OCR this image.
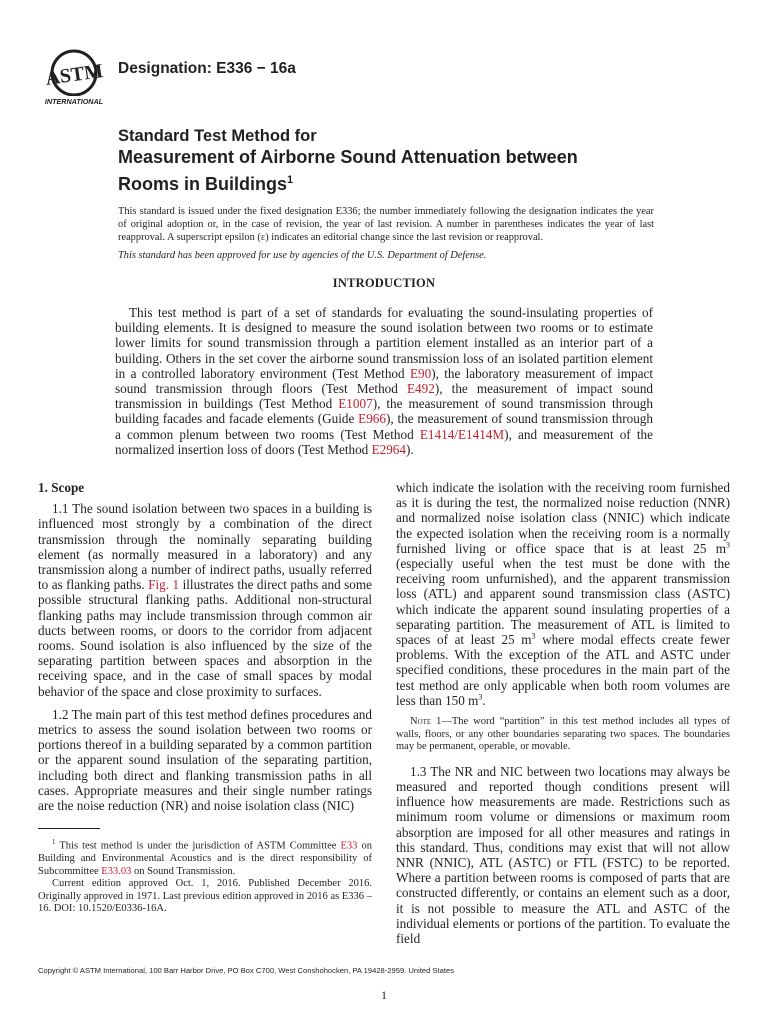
ASTM
INTERNATIONAL
Designation: E336 − 16a
Standard Test Method for
Measurement of Airborne Sound Attenuation between
Rooms in Buildings$^1$
This standard is issued under the fixed designation E336; the number immediately following the designation indicates the year of original adoption or, in the case of revision, the year of last revision. A number in parentheses indicates the year of last reapproval. A superscript epsilon (ε) indicates an editorial change since the last revision or reapproval.
This standard has been approved for use by agencies of the U.S. Department of Defense.
INTRODUCTION

This test method is part of a set of standards for evaluating the sound-insulating properties of building elements. It is designed to measure the sound isolation between two rooms or to estimate lower limits for sound transmission through a partition element installed as an interior part of a building. Others in the set cover the airborne sound transmission loss of an isolated partition element in a controlled laboratory environment (Test Method E90), the laboratory measurement of impact sound transmission through floors (Test Method E492), the measurement of impact sound transmission in buildings (Test Method E1007), the measurement of sound transmission through building facades and facade elements (Guide E966), the measurement of sound transmission through a common plenum between two rooms (Test Method E1414/E1414M), and measurement of the normalized insertion loss of doors (Test Method E2964).

1. Scope

1.1 The sound isolation between two spaces in a building is influenced most strongly by a combination of the direct transmission through the nominally separating building element (as normally measured in a laboratory) and any transmission along a number of indirect paths, usually referred to as flanking paths. Fig. 1 illustrates the direct paths and some possible structural flanking paths. Additional non-structural flanking paths may include transmission through common air ducts between rooms, or doors to the corridor from adjacent rooms. Sound isolation is also influenced by the size of the separating partition between spaces and absorption in the receiving space, and in the case of small spaces by modal behavior of the space and close proximity to surfaces.

1.2 The main part of this test method defines procedures and metrics to assess the sound isolation between two rooms or portions thereof in a building separated by a common partition or the apparent sound insulation of the separating partition, including both direct and flanking transmission paths in all cases. Appropriate measures and their single number ratings are the noise reduction (NR) and noise isolation class (NIC)

which indicate the isolation with the receiving room furnished as it is during the test, the normalized noise reduction (NNR) and normalized noise isolation class (NNIC) which indicate the expected isolation when the receiving room is a normally furnished living or office space that is at least 25 $m^3$ (especially useful when the test must be done with the receiving room unfurnished), and the apparent transmission loss (ATL) and apparent sound transmission class (ASTC) which indicate the apparent sound insulating properties of a separating partition. The measurement of ATL is limited to spaces of at least 25 $m^3$ where modal effects create fewer problems. With the exception of the ATL and ASTC under specified conditions, these procedures in the main part of the test method are only applicable when both room volumes are less than 150 $m^3$.

Note 1—The word “partition” in this test method includes all types of walls, floors, or any other boundaries separating two spaces. The boundaries may be permanent, operable, or movable.

1.3 The NR and NIC between two locations may always be measured and reported though conditions present will influence how measurements are made. Restrictions such as minimum room volume or dimensions or maximum room absorption are imposed for all other measures and ratings in this standard. Thus, conditions may exist that will not allow NNR (NNIC), ATL (ASTC) or FTL (FSTC) to be reported. Where a partition between rooms is composed of parts that are constructed differently, or contains an element such as a door, it is not possible to measure the ATL and ASTC of the individual elements or portions of the partition. To evaluate the field

$^1$ This test method is under the jurisdiction of ASTM Committee E33 on Building and Environmental Acoustics and is the direct responsibility of Subcommittee E33.03 on Sound Transmission.

Current edition approved Oct. 1, 2016. Published December 2016. Originally approved in 1971. Last previous edition approved in 2016 as E336 – 16. DOI: 10.1520/E0336-16A.

Copyright © ASTM International, 100 Barr Harbor Drive, PO Box C700, West Conshohocken, PA 19428-2959. United States
1
